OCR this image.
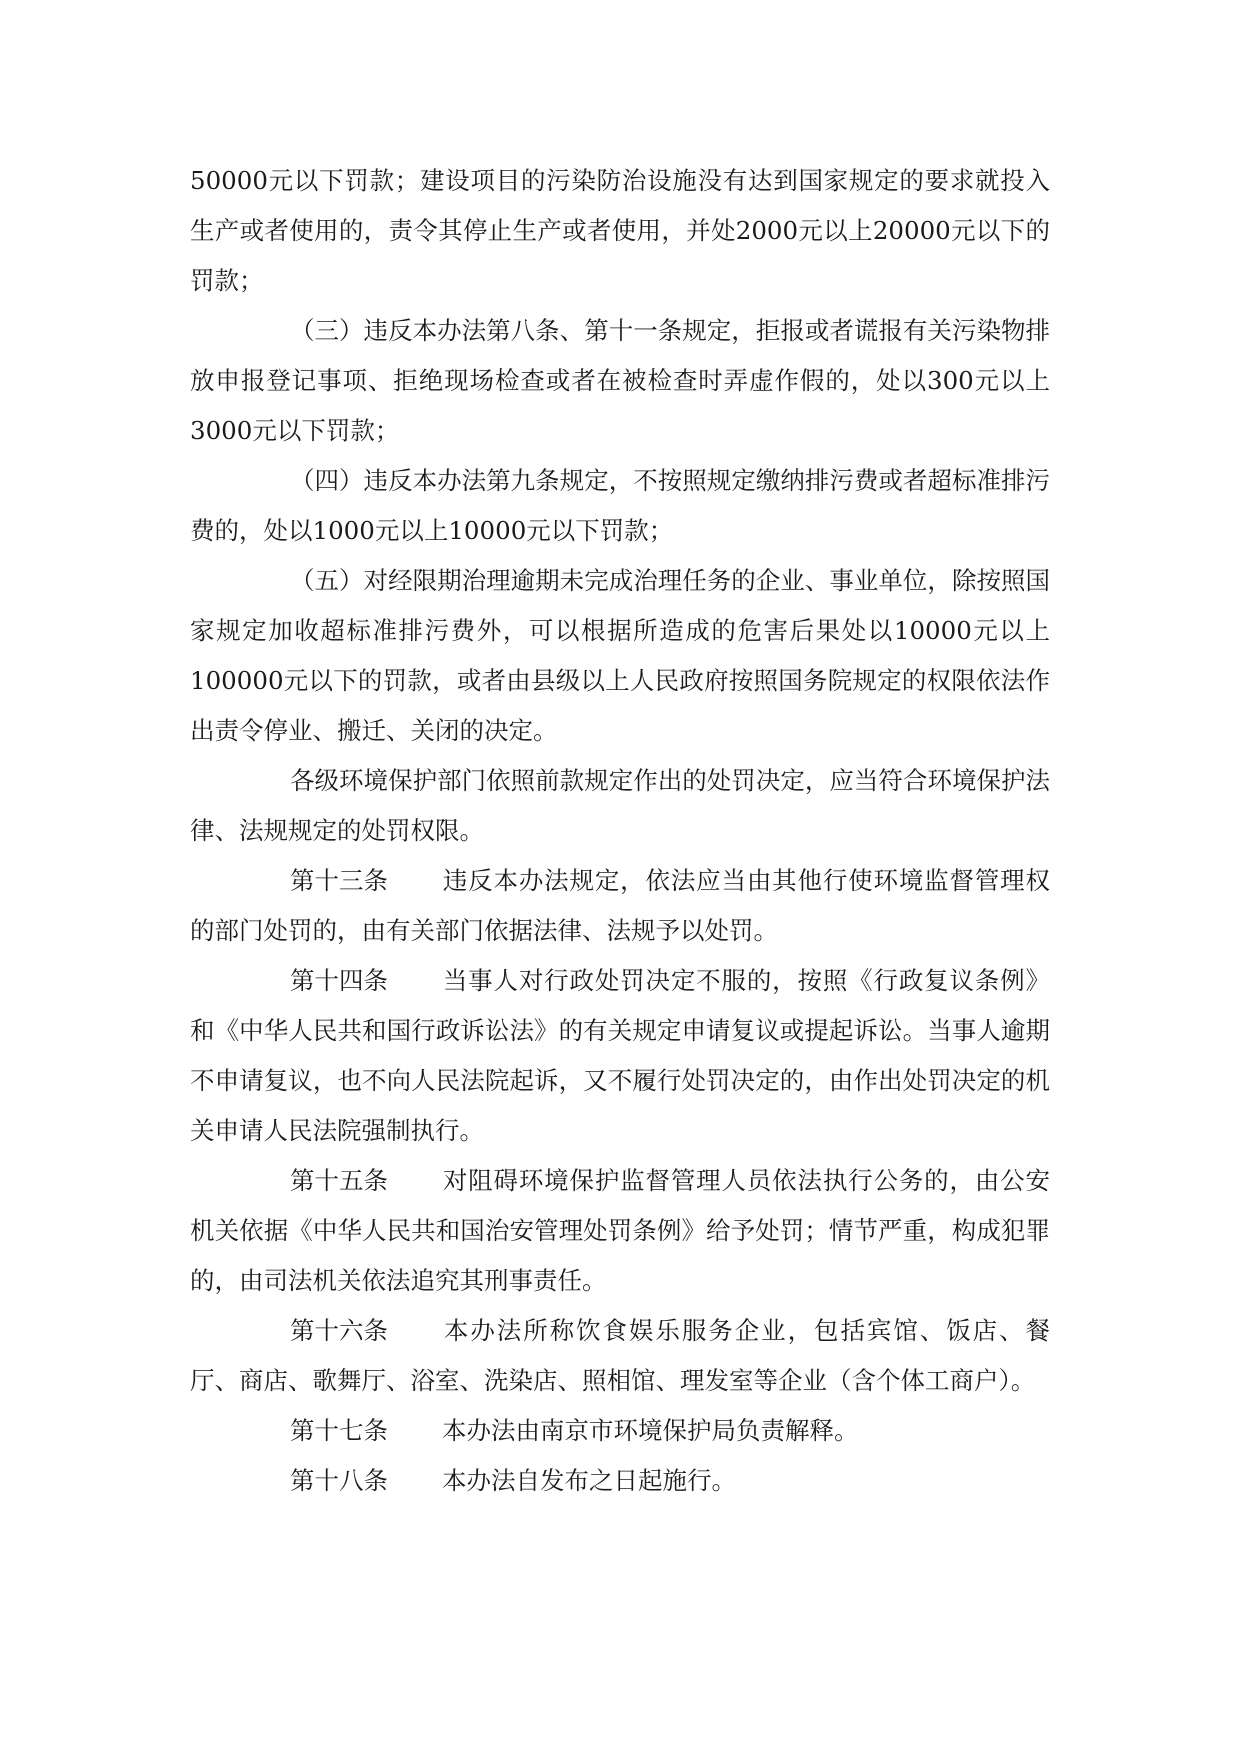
50000元以下罚款；建设项目的污染防治设施没有达到国家规定的要求就投入生产或者使用的，责令其停止生产或者使用，并处2000元以上20000元以下的罚款；

（三）违反本办法第八条、第十一条规定，拒报或者谎报有关污染物排放申报登记事项、拒绝现场检查或者在被检查时弄虚作假的，处以300元以上3000元以下罚款；

（四）违反本办法第九条规定，不按照规定缴纳排污费或者超标准排污费的，处以1000元以上10000元以下罚款；

（五）对经限期治理逾期未完成治理任务的企业、事业单位，除按照国家规定加收超标准排污费外，可以根据所造成的危害后果处以10000元以上100000元以下的罚款，或者由县级以上人民政府按照国务院规定的权限依法作出责令停业、搬迁、关闭的决定。

各级环境保护部门依照前款规定作出的处罚决定，应当符合环境保护法律、法规规定的处罚权限。

第十三条 违反本办法规定，依法应当由其他行使环境监督管理权的部门处罚的，由有关部门依据法律、法规予以处罚。

第十四条 当事人对行政处罚决定不服的，按照《行政复议条例》和《中华人民共和国行政诉讼法》的有关规定申请复议或提起诉讼。当事人逾期不申请复议，也不向人民法院起诉，又不履行处罚决定的，由作出处罚决定的机关申请人民法院强制执行。

第十五条 对阻碍环境保护监督管理人员依法执行公务的，由公安机关依据《中华人民共和国治安管理处罚条例》给予处罚；情节严重，构成犯罪的，由司法机关依法追究其刑事责任。

第十六条 本办法所称饮食娱乐服务企业，包括宾馆、饭店、餐厅、商店、歌舞厅、浴室、洗染店、照相馆、理发室等企业（含个体工商户）。

第十七条 本办法由南京市环境保护局负责解释。

第十八条 本办法自发布之日起施行。
